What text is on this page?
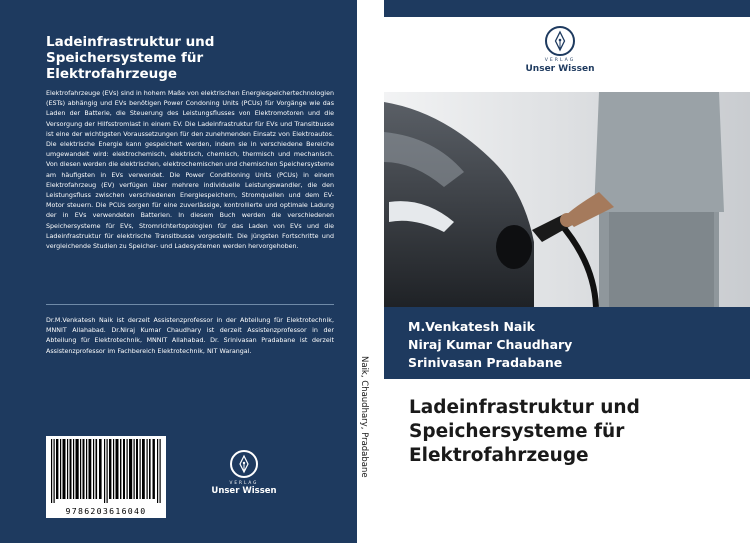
Ladeinfrastruktur und
Speichersysteme für
Elektrofahrzeuge
Elektrofahrzeuge (EVs) sind in hohem Maße von elektrischen Energiespeichertechnologien (ESTs) abhängig und EVs benötigen Power Condoning Units (PCUs) für Vorgänge wie das Laden der Batterie, die Steuerung des Leistungsflusses von Elektromotoren und die Versorgung der Hilfsstromlast in einem EV. Die Ladeinfrastruktur für EVs und Transitbusse ist eine der wichtigsten Voraussetzungen für den zunehmenden Einsatz von Elektroautos. Die elektrische Energie kann gespeichert werden, indem sie in verschiedene Bereiche umgewandelt wird: elektrochemisch, elektrisch, chemisch, thermisch und mechanisch. Von diesen werden die elektrischen, elektrochemischen und chemischen Speichersysteme am häufigsten in EVs verwendet. Die Power Conditioning Units (PCUs) in einem Elektrofahrzeug (EV) verfügen über mehrere individuelle Leistungswandler, die den Leistungsfluss zwischen verschiedenen Energiespeichern, Stromquellen und dem EV-Motor steuern. Die PCUs sorgen für eine zuverlässige, kontrollierte und optimale Ladung der in EVs verwendeten Batterien. In diesem Buch werden die verschiedenen Speichersysteme für EVs, Stromrichtertopologien für das Laden von EVs und die Ladeinfrastruktur für elektrische Transitbusse vorgestellt. Die jüngsten Fortschritte und vergleichende Studien zu Speicher- und Ladesystemen werden hervorgehoben.
Dr.M.Venkatesh Naik ist derzeit Assistenzprofessor in der Abteilung für Elektrotechnik, MNNIT Allahabad. Dr.Niraj Kumar Chaudhary ist derzeit Assistenzprofessor in der Abteilung für Elektrotechnik, MNNIT Allahabad. Dr. Srinivasan Pradabane ist derzeit Assistenzprofessor im Fachbereich Elektrotechnik, NIT Warangal.
9786203616040
VERLAG
Unser Wissen
Naik, Chaudhary, Pradabane
VERLAG
Unser Wissen
M.Venkatesh Naik
Niraj Kumar Chaudhary
Srinivasan Pradabane
Ladeinfrastruktur und
Speichersysteme für
Elektrofahrzeuge
